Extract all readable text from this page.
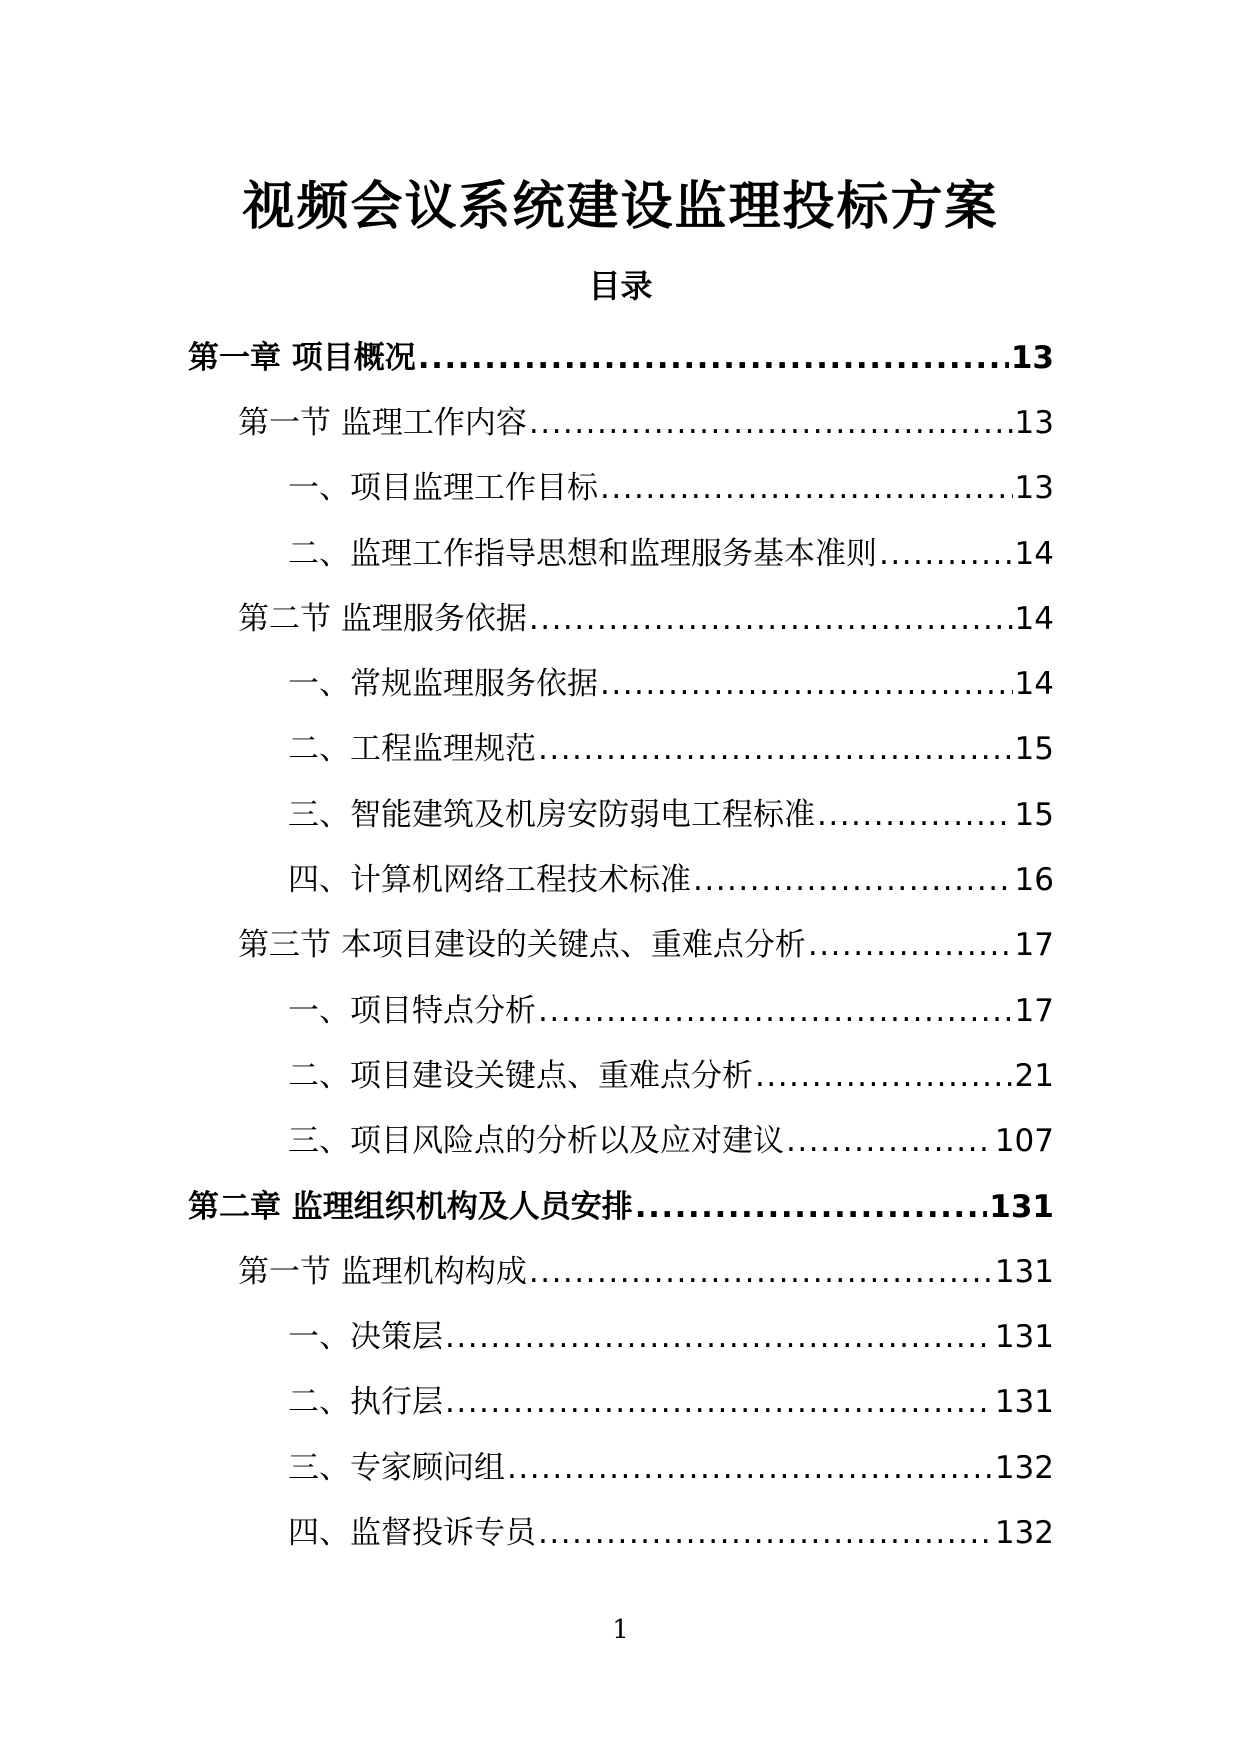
视频会议系统建设监理投标方案
目录
第一章 项目概况 .....	13
第一节 监理工作内容 .....	13
一、项目监理工作目标 .....	13
二、监理工作指导思想和监理服务基本准则 .....	14
第二节 监理服务依据 .....	14
一、常规监理服务依据 .....	14
二、工程监理规范 .....	15
三、智能建筑及机房安防弱电工程标准 .....	15
四、计算机网络工程技术标准 .....	16
第三节 本项目建设的关键点、重难点分析 .....	17
一、项目特点分析 .....	17
二、项目建设关键点、重难点分析 .....	21
三、项目风险点的分析以及应对建议 .....	107
第二章 监理组织机构及人员安排 .....	131
第一节 监理机构构成 .....	131
一、决策层 .....	131
二、执行层 .....	131
三、专家顾问组 .....	132
四、监督投诉专员 .....	132
1
